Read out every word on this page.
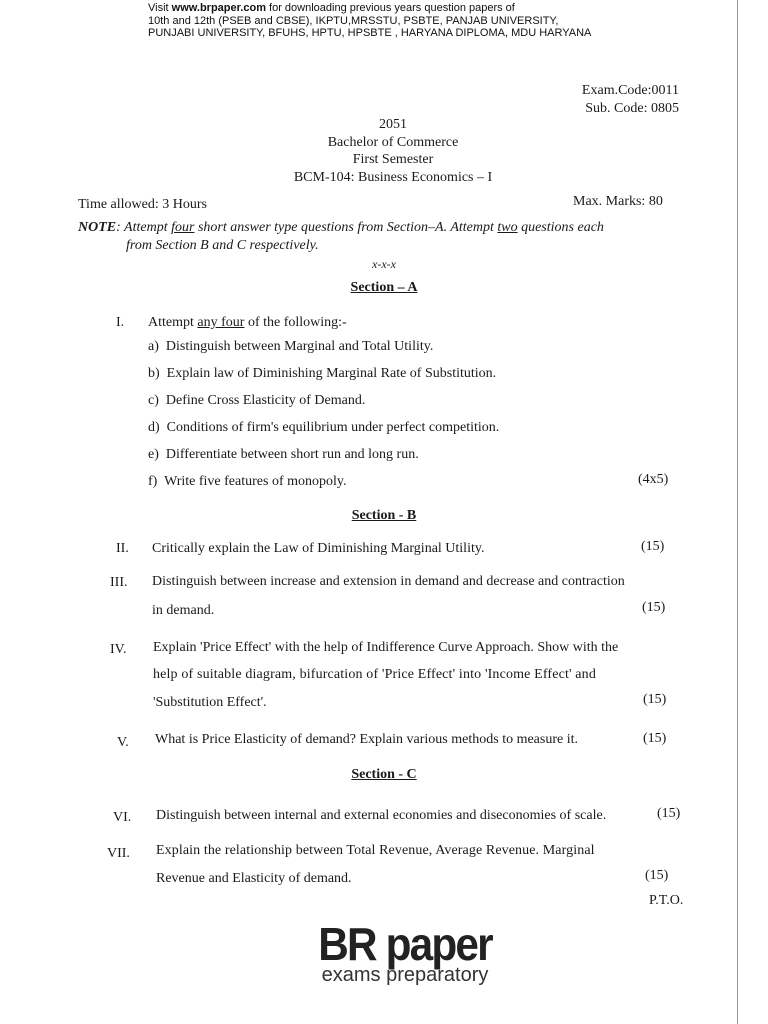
Visit www.brpaper.com for downloading previous years question papers of
10th and 12th (PSEB and CBSE), IKPTU,MRSSTU, PSBTE, PANJAB UNIVERSITY,
PUNJABI UNIVERSITY, BFUHS, HPTU, HPSBTE , HARYANA DIPLOMA, MDU HARYANA
Exam.Code:0011
Sub. Code: 0805
2051
Bachelor of Commerce
First Semester
BCM-104: Business Economics – I
Time allowed: 3 Hours	Max. Marks: 80
NOTE: Attempt four short answer type questions from Section–A. Attempt two questions each
from Section B and C respectively.
x-x-x
Section – A
I. Attempt any four of the following:-
a)  Distinguish between Marginal and Total Utility.
b)  Explain law of Diminishing Marginal Rate of Substitution.
c)  Define Cross Elasticity of Demand.
d)  Conditions of firm's equilibrium under perfect competition.
e)  Differentiate between short run and long run.
f)  Write five features of monopoly.	(4x5)
Section - B
II. Critically explain the Law of Diminishing Marginal Utility.	(15)
III. Distinguish between increase and extension in demand and decrease and contraction
in demand.	(15)
IV. Explain 'Price Effect' with the help of Indifference Curve Approach. Show with the
help of suitable diagram, bifurcation of 'Price Effect' into 'Income Effect' and
'Substitution Effect'.	(15)
V. What is Price Elasticity of demand? Explain various methods to measure it.	(15)
Section - C
VI. Distinguish between internal and external economies and diseconomies of scale.	(15)
VII. Explain the relationship between Total Revenue, Average Revenue. Marginal
Revenue and Elasticity of demand.	(15)
P.T.O.
BR paper
exams preparatory
